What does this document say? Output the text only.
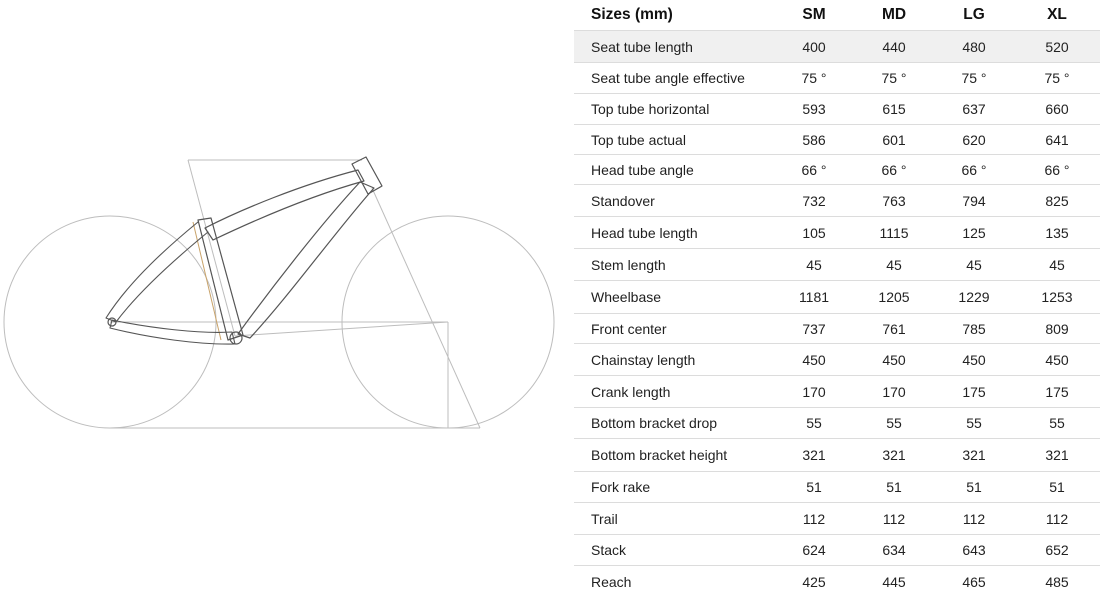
Sizes (mm)	SM	MD	LG	XL
Seat tube length	400	440	480	520
Seat tube angle effective	75 °	75 °	75 °	75 °
Top tube horizontal	593	615	637	660
Top tube actual	586	601	620	641
Head tube angle	66 °	66 °	66 °	66 °
Standover	732	763	794	825
Head tube length	105	1115	125	135
Stem length	45	45	45	45
Wheelbase	1181	1205	1229	1253
Front center	737	761	785	809
Chainstay length	450	450	450	450
Crank length	170	170	175	175
Bottom bracket drop	55	55	55	55
Bottom bracket height	321	321	321	321
Fork rake	51	51	51	51
Trail	112	112	112	112
Stack	624	634	643	652
Reach	425	445	465	485
